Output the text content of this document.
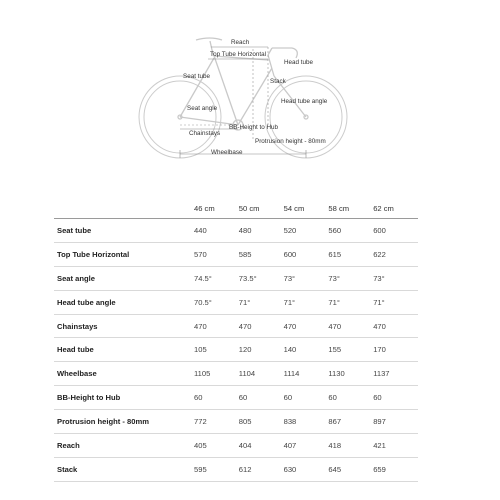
Reach
Top Tube Horizontal
Head tube
Seat tube
Stack
Head tube angle
Seat angle
BB-Height to Hub
Chainstays
Protrusion height - 80mm
Wheelbase
	46 cm	50 cm	54 cm	58 cm	62 cm
Seat tube	440	480	520	560	600
Top Tube Horizontal	570	585	600	615	622
Seat angle	74.5°	73.5°	73°	73°	73°
Head tube angle	70.5°	71°	71°	71°	71°
Chainstays	470	470	470	470	470
Head tube	105	120	140	155	170
Wheelbase	1105	1104	1114	1130	1137
BB-Height to Hub	60	60	60	60	60
Protrusion height - 80mm	772	805	838	867	897
Reach	405	404	407	418	421
Stack	595	612	630	645	659
